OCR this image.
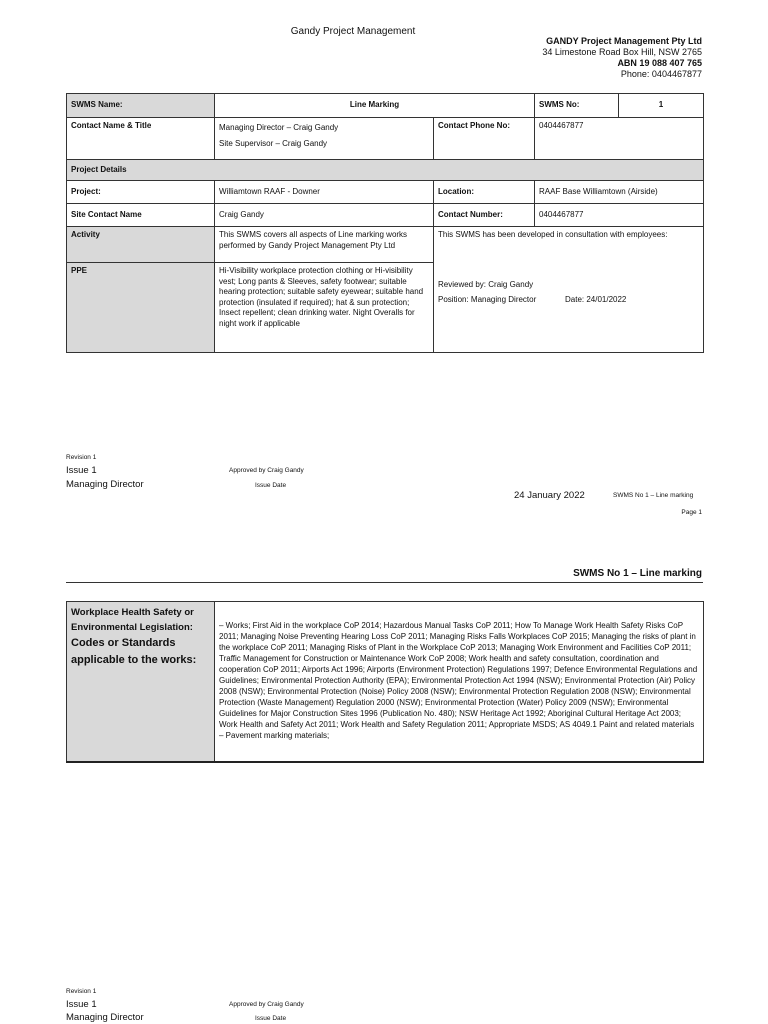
Gandy Project Management
GANDY Project Management Pty Ltd
34 Limestone Road Box Hill, NSW 2765
ABN 19 088 407 765
Phone: 0404467877
SWMS Name:	Line Marking		SWMS No:	1
Contact Name & Title	Managing Director – Craig Gandy
Site Supervisor – Craig Gandy	Contact Phone No:	0404467877	
Project Details				
Project:	Williamtown RAAF - Downer	Location:	RAAF Base Williamtown (Airside)	
Site Contact Name	Craig Gandy	Contact Number:	0404467877	
Activity	This SWMS covers all aspects of Line marking works performed by Gandy Project Management Pty Ltd	This SWMS has been developed in consultation with employees:
Reviewed by: Craig Gandy
Position: Managing Director Date: 24/01/2022		

PPE	Hi-Visibility workplace protection clothing or Hi-visibility vest; Long pants & Sleeves, safety footwear; suitable hearing protection; suitable safety eyewear; suitable hand protection (insulated if required); hat & sun protection; Insect repellent; clean drinking water. Night Overalls for night work if applicable			
Revision 1
Issue 1
Managing Director
Approved by Craig Gandy
Issue Date
24 January 2022	SWMS No 1 – Line marking
Page 1
SWMS No 1 – Line marking
Workplace Health Safety or
Environmental Legislation:
Codes or Standards
applicable to the works:
	– Works; First Aid in the workplace CoP 2014; Hazardous Manual Tasks CoP 2011; How To Manage Work Health Safety Risks CoP 2011; Managing Noise Preventing Hearing Loss CoP 2011; Managing Risks Falls Workplaces CoP 2015; Managing the risks of plant in the workplace CoP 2011; Managing Risks of Plant in the Workplace CoP 2013; Managing Work Environment and Facilities CoP 2011; Traffic Management for Construction or Maintenance Work CoP 2008; Work health and safety consultation, coordination and cooperation CoP 2011; Airports Act 1996; Airports (Environment Protection) Regulations 1997; Defence Environmental Regulations and Guidelines; Environmental Protection Authority (EPA); Environmental Protection Act 1994 (NSW); Environmental Protection (Air) Policy 2008 (NSW); Environmental Protection (Noise) Policy 2008 (NSW); Environmental Protection Regulation 2008 (NSW); Environmental Protection (Waste Management) Regulation 2000 (NSW); Environmental Protection (Water) Policy 2009 (NSW); Environmental Guidelines for Major Construction Sites 1996 (Publication No. 480); NSW Heritage Act 1992; Aboriginal Cultural Heritage Act 2003; Work Health and Safety Act 2011; Work Health and Safety Regulation 2011; Appropriate MSDS; AS 4049.1 Paint and related materials – Pavement marking materials;
Revision 1
Issue 1
Managing Director
Approved by Craig Gandy
Issue Date
